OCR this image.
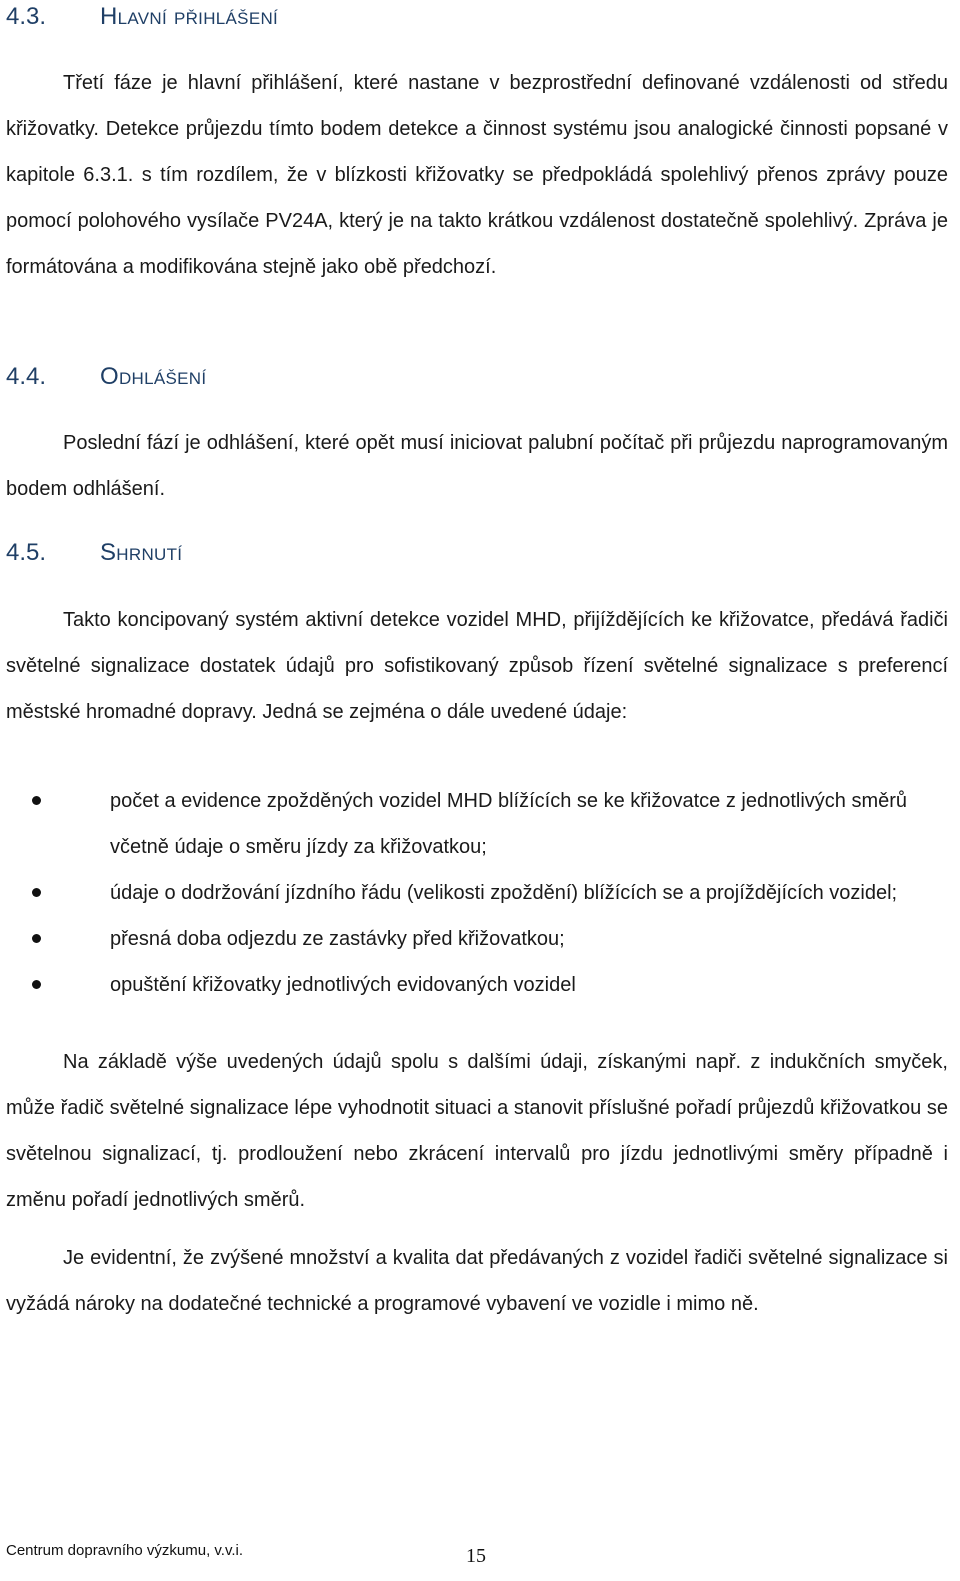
4.3. Hlavní přihlášení

Třetí fáze je hlavní přihlášení, které nastane v bezprostřední definované vzdálenosti od středu křižovatky. Detekce průjezdu tímto bodem detekce a činnost systému jsou analogické činnosti popsané v kapitole 6.3.1. s tím rozdílem, že v blízkosti křižovatky se předpokládá spolehlivý přenos zprávy pouze pomocí polohového vysílače PV24A, který je na takto krátkou vzdálenost dostatečně spolehlivý. Zpráva je formátována a modifikována stejně jako obě předchozí.

4.4. Odhlášení

Poslední fází je odhlášení, které opět musí iniciovat palubní počítač při průjezdu naprogramovaným bodem odhlášení.

4.5. Shrnutí

Takto koncipovaný systém aktivní detekce vozidel MHD, přijíždějících ke křižovatce, předává řadiči světelné signalizace dostatek údajů pro sofistikovaný způsob řízení světelné signalizace s preferencí městské hromadné dopravy. Jedná se zejména o dále uvedené údaje:

počet a evidence zpožděných vozidel MHD blížících se ke křižovatce z jednotlivých směrů včetně údaje o směru jízdy za křižovatkou;
údaje o dodržování jízdního řádu (velikosti zpoždění) blížících se a projíždějících vozidel;
přesná doba odjezdu ze zastávky před křižovatkou;
opuštění křižovatky jednotlivých evidovaných vozidel

Na základě výše uvedených údajů spolu s dalšími údaji, získanými např. z indukčních smyček, může řadič světelné signalizace lépe vyhodnotit situaci a stanovit příslušné pořadí průjezdů křižovatkou se světelnou signalizací, tj. prodloužení nebo zkrácení intervalů pro jízdu jednotlivými směry případně i změnu pořadí jednotlivých směrů.

Je evidentní, že zvýšené množství a kvalita dat předávaných z vozidel řadiči světelné signalizace si vyžádá nároky na dodatečné technické a programové vybavení ve vozidle i mimo ně.

Centrum dopravního výzkumu, v.v.i.	15
